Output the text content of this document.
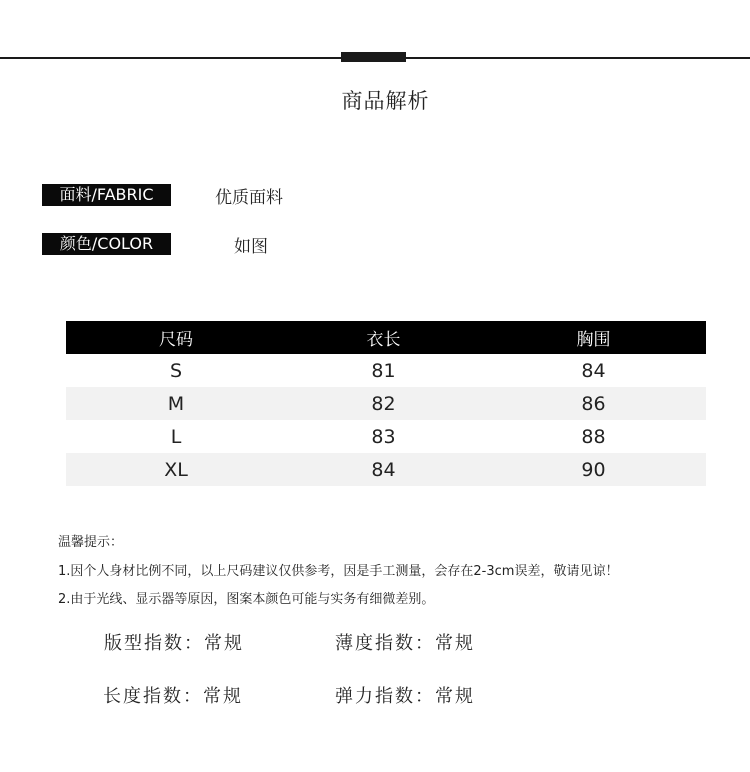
商品解析
面料/FABRIC	优质面料
颜色/COLOR	如图
尺码	衣长	胸围
S	81	84
M	82	86
L	83	88
XL	84	90
温馨提示：
1.因个人身材比例不同，以上尺码建议仅供参考，因是手工测量，会存在2-3cm误差，敬请见谅！
2.由于光线、显示器等原因，图案本颜色可能与实务有细微差别。
版型指数：常规	薄度指数：常规
长度指数：常规	弹力指数：常规
